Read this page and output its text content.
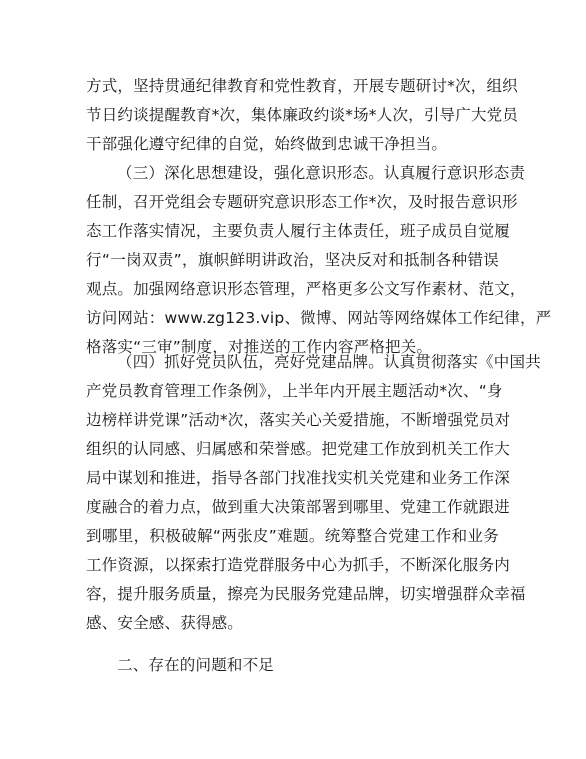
方式，坚持贯通纪律教育和党性教育，开展专题研讨*次，组织
节日约谈提醒教育*次，集体廉政约谈*场*人次，引导广大党员
干部强化遵守纪律的自觉，始终做到忠诚干净担当。
（三）深化思想建设，强化意识形态。认真履行意识形态责
任制，召开党组会专题研究意识形态工作*次，及时报告意识形
态工作落实情况，主要负责人履行主体责任，班子成员自觉履
行“一岗双责”，旗帜鲜明讲政治，坚决反对和抵制各种错误
观点。加强网络意识形态管理，严格更多公文写作素材、范文，
访问网站：www.zg123.vip、微博、网站等网络媒体工作纪律，严
格落实“三审”制度，对推送的工作内容严格把关。
（四）抓好党员队伍，亮好党建品牌。认真贯彻落实《中国共
产党员教育管理工作条例》，上半年内开展主题活动*次、“身
边榜样讲党课”活动*次，落实关心关爱措施，不断增强党员对
组织的认同感、归属感和荣誉感。把党建工作放到机关工作大
局中谋划和推进，指导各部门找准找实机关党建和业务工作深
度融合的着力点，做到重大决策部署到哪里、党建工作就跟进
到哪里，积极破解“两张皮”难题。统筹整合党建工作和业务
工作资源，以探索打造党群服务中心为抓手，不断深化服务内
容，提升服务质量，擦亮为民服务党建品牌，切实增强群众幸福
感、安全感、获得感。
二、存在的问题和不足
